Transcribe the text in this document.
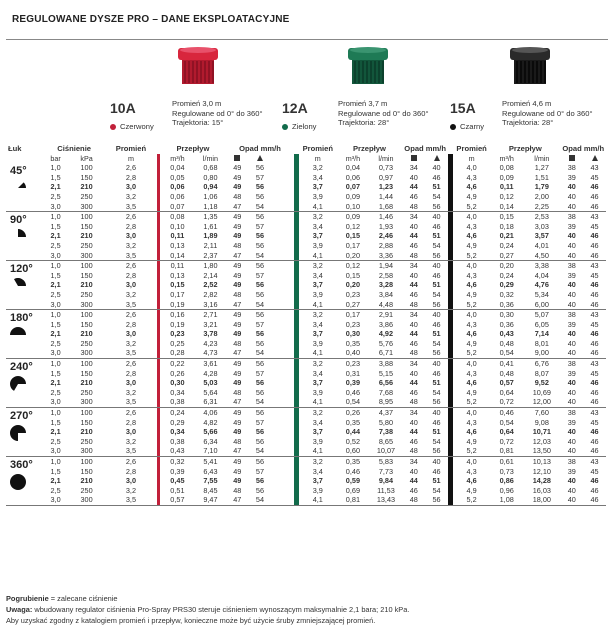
REGULOWANE DYSZE PRO – DANE EKSPLOATACYJNE
10A
Czerwony
Promień 3,0 m
Regulowane od 0° do 360°
Trajektoria: 15°
12A
Zielony
Promień 3,7 m
Regulowane od 0° do 360°
Trajektoria: 28°
15A
Czarny
Promień 4,6 m
Regulowane od 0° do 360°
Trajektoria: 28°
Łuk	Ciśnienie		Promień		Przepływ		Opad mm/h				Promień	Przepływ		Opad mm/h			Promień	Przepływ		Opad mm/h	
	bar	kPa	m		m³/h	l/min					m	m³/h	l/min				m	m³/h	l/min		

45°	1,0	100	2,6		0,04	0,68	49	56			3,2	0,04	0,73	34	40		4,0	0,08	1,27	38	43
	1,5	150	2,8		0,05	0,80	49	57			3,4	0,06	0,97	40	46		4,3	0,09	1,51	39	45
	2,1	210	3,0		0,06	0,94	49	56			3,7	0,07	1,23	44	51		4,6	0,11	1,79	40	46
	2,5	250	3,2		0,06	1,06	48	56			3,9	0,09	1,44	46	54		4,9	0,12	2,00	40	46
	3,0	300	3,5		0,07	1,18	47	54			4,1	0,10	1,68	48	56		5,2	0,14	2,25	40	46

90°	1,0	100	2,6		0,08	1,35	49	56			3,2	0,09	1,46	34	40		4,0	0,15	2,53	38	43
	1,5	150	2,8		0,10	1,61	49	57			3,4	0,12	1,93	40	46		4,3	0,18	3,03	39	45
	2,1	210	3,0		0,11	1,89	49	56			3,7	0,15	2,46	44	51		4,6	0,21	3,57	40	46
	2,5	250	3,2		0,13	2,11	48	56			3,9	0,17	2,88	46	54		4,9	0,24	4,01	40	46
	3,0	300	3,5		0,14	2,37	47	54			4,1	0,20	3,36	48	56		5,2	0,27	4,50	40	46

120°	1,0	100	2,6		0,11	1,80	49	56			3,2	0,12	1,94	34	40		4,0	0,20	3,38	38	43
	1,5	150	2,8		0,13	2,14	49	57			3,4	0,15	2,58	40	46		4,3	0,24	4,04	39	45
	2,1	210	3,0		0,15	2,52	49	56			3,7	0,20	3,28	44	51		4,6	0,29	4,76	40	46
	2,5	250	3,2		0,17	2,82	48	56			3,9	0,23	3,84	46	54		4,9	0,32	5,34	40	46
	3,0	300	3,5		0,19	3,16	47	54			4,1	0,27	4,48	48	56		5,2	0,36	6,00	40	46

180°	1,0	100	2,6		0,16	2,71	49	56			3,2	0,17	2,91	34	40		4,0	0,30	5,07	38	43
	1,5	150	2,8		0,19	3,21	49	57			3,4	0,23	3,86	40	46		4,3	0,36	6,05	39	45
	2,1	210	3,0		0,23	3,78	49	56			3,7	0,30	4,92	44	51		4,6	0,43	7,14	40	46
	2,5	250	3,2		0,25	4,23	48	56			3,9	0,35	5,76	46	54		4,9	0,48	8,01	40	46
	3,0	300	3,5		0,28	4,73	47	54			4,1	0,40	6,71	48	56		5,2	0,54	9,00	40	46

240°	1,0	100	2,6		0,22	3,61	49	56			3,2	0,23	3,88	34	40		4,0	0,41	6,76	38	43
	1,5	150	2,8		0,26	4,28	49	57			3,4	0,31	5,15	40	46		4,3	0,48	8,07	39	45
	2,1	210	3,0		0,30	5,03	49	56			3,7	0,39	6,56	44	51		4,6	0,57	9,52	40	46
	2,5	250	3,2		0,34	5,64	48	56			3,9	0,46	7,68	46	54		4,9	0,64	10,69	40	46
	3,0	300	3,5		0,38	6,31	47	54			4,1	0,54	8,95	48	56		5,2	0,72	12,00	40	46

270°	1,0	100	2,6		0,24	4,06	49	56			3,2	0,26	4,37	34	40		4,0	0,46	7,60	38	43
	1,5	150	2,8		0,29	4,82	49	57			3,4	0,35	5,80	40	46		4,3	0,54	9,08	39	45
	2,1	210	3,0		0,34	5,66	49	56			3,7	0,44	7,38	44	51		4,6	0,64	10,71	40	46
	2,5	250	3,2		0,38	6,34	48	56			3,9	0,52	8,65	46	54		4,9	0,72	12,03	40	46
	3,0	300	3,5		0,43	7,10	47	54			4,1	0,60	10,07	48	56		5,2	0,81	13,50	40	46

360°	1,0	100	2,6		0,32	5,41	49	56			3,2	0,35	5,83	34	40		4,0	0,61	10,13	38	43
	1,5	150	2,8		0,39	6,43	49	57			3,4	0,46	7,73	40	46		4,3	0,73	12,10	39	45
	2,1	210	3,0		0,45	7,55	49	56			3,7	0,59	9,84	44	51		4,6	0,86	14,28	40	46
	2,5	250	3,2		0,51	8,45	48	56			3,9	0,69	11,53	46	54		4,9	0,96	16,03	40	46
	3,0	300	3,5		0,57	9,47	47	54			4,1	0,81	13,43	48	56		5,2	1,08	18,00	40	46
Pogrubienie = zalecane ciśnienie
Uwaga: wbudowany regulator ciśnienia Pro-Spray PRS30 steruje ciśnieniem wynoszącym maksymalnie 2,1 bara; 210 kPa.
Aby uzyskać zgodny z katalogiem promień i przepływ, konieczne może być użycie śruby zmniejszającej promień.
